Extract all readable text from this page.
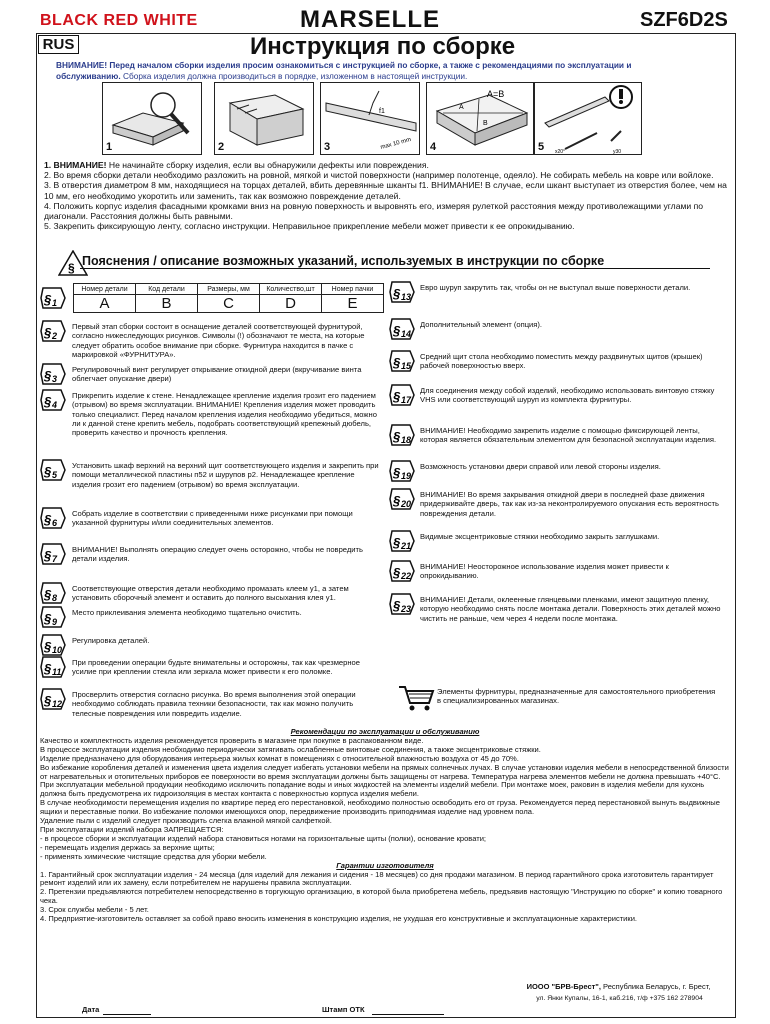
BLACK RED WHITE	MARSELLE	SZF6D2S
RUS	Инструкция по сборке
ВНИМАНИЕ! Перед началом сборки изделия просим ознакомиться с инструкцией по сборке, а также с рекомендациями по эксплуатации и обслуживанию. Сборка изделия должна производиться в порядке, изложенном в настоящей инструкции.
1	2
f1
max 10 mm
3
A=B
A
B
4	x20°	y30
5
1. ВНИМАНИЕ! Не начинайте сборку изделия, если вы обнаружили дефекты или повреждения.
2. Во время сборки детали необходимо разложить на ровной, мягкой и чистой поверхности (например полотенце, одеяло). Не собирать мебель на ковре или войлоке.
3. В отверстия диаметром 8 мм, находящиеся на торцах деталей, вбить деревянные шканты f1. ВНИМАНИЕ! В случае, если шкант выступает из отверстия более, чем на 10 мм, его необходимо укоротить или заменить, так как возможно повреждение деталей.
4. Положить корпус изделия фасадными кромками вниз на ровную поверхность и выровнять его, измеряя рулеткой расстояния между противолежащими углами по диагонали. Расстояния должны быть равными.
5. Закрепить фиксирующую ленту, согласно инструкции. Неправильное прикрепление мебели может привести к ее опрокидыванию.
§ Пояснения / описание возможных указаний, используемых в инструкции по сборке
Номер детали	Код детали	Размеры, мм	Количество,шт	Номер пачки
A	B	C	D	E
§ 1
§ 2
Первый этап сборки состоит в оснащение деталей соответствующей фурнитурой, согласно нижеследующих рисунков. Символы (!) обозначают те места, на которые следует обратить особое внимание при сборке. Фурнитура находится в пачке с маркировкой «ФУРНИТУРА».
§ 3
Регулировочный винт регулирует открывание откидной двери (вкручивание винта облегчает опускание двери)
§ 4
Прикрепить изделие к стене. Ненадлежащее крепление изделия грозит его падением (отрывом) во время эксплуатации. ВНИМАНИЕ! Крепления изделия может проводить только специалист. Перед началом крепления изделия необходимо убедиться, можно ли к данной стене крепить мебель, подобрать соответствующий крепежный дюбель, проверить качество и прочность крепления.
§ 5
Установить шкаф верхний на верхний щит соответствующего изделия и закрепить при помощи металлической пластины п52 и шурупов р2. Ненадлежащее крепление изделия грозит его падением (отрывом) во время эксплуатации.
§ 6
Собрать изделие в соответствии с приведенными ниже рисунками при помощи указанной фурнитуры и/или соединительных элементов.
§ 7
ВНИМАНИЕ! Выполнять операцию следует очень осторожно, чтобы не повредить детали изделия.
§ 8
Соответствующие отверстия детали необходимо промазать клеем у1, а затем установить сборочный элемент и оставить до полного высыхания клея у1.
§ 9
Место приклеивания элемента необходимо тщательно очистить.
§ 10
Регулировка деталей.
§ 11
При проведении операции будьте внимательны и осторожны, так как чрезмерное усилие при креплении стекла или зеркала может привести к его поломке.
§ 12
Просверлить отверстия согласно рисунка. Во время выполнения этой операции необходимо соблюдать правила техники безопасности, так как можно получить телесные повреждения или повредить изделие.
§ 13
Евро шуруп закрутить так, чтобы он не выступал выше поверхности детали.
§ 14
Дополнительный элемент (опция).
§ 15
Средний щит стола необходимо поместить между раздвинутых щитов (крышек) рабочей поверхностью вверх.
§ 17
Для соединения между собой изделий, необходимо использовать винтовую стяжку VHS или соответствующий шуруп из комплекта фурнитуры.
§ 18
ВНИМАНИЕ! Необходимо закрепить изделие с помощью фиксирующей ленты, которая является обязательным элементом для безопасной эксплуатации изделия.
§ 19
Возможность установки двери справой или левой стороны изделия.
§ 20
ВНИМАНИЕ! Во время закрывания откидной двери в последней фазе движения придерживайте дверь, так как из-за неконтролируемого опускания есть вероятность повреждения детали.
§ 21
Видимые эксцентриковые стяжки необходимо закрыть заглушками.
§ 22
ВНИМАНИЕ! Неосторожное использование изделия может привести к опрокидыванию.
§ 23
ВНИМАНИЕ! Детали, оклеенные глянцевыми пленками, имеют защитную пленку, которую необходимо снять после монтажа детали. Поверхность этих деталей можно чистить не раньше, чем через 4 недели после монтажа.
Элементы фурнитуры, предназначенные для самостоятельного приобретения в специализированных магазинах.
Рекомендации по эксплуатации и обслуживанию
Качество и комплектность изделия рекомендуется проверить в магазине при покупке в распакованном виде.
В процессе эксплуатации изделия необходимо периодически затягивать ослабленные винтовые соединения, а также эксцентриковые стяжки.
Изделие предназначено для оборудования интерьера жилых комнат в помещениях с относительной влажностью воздуха от 45 до 70%.
Во избежание коробления деталей и изменения цвета изделия следует избегать установки мебели на прямых солнечных лучах. В случае установки изделия мебели в непосредственной близости от нагревательных и отопительных приборов ее поверхности во время эксплуатации должны быть защищены от нагрева. Температура нагрева элементов мебели не должна превышать +40°С.
При эксплуатации мебельной продукции необходимо исключить попадание воды и иных жидкостей на элементы изделий мебели. При монтаже моек, раковин в изделия мебели для кухонь должна быть предусмотрена их гидроизоляция в местах контакта с поверхностью корпуса изделия мебели.
В случае необходимости перемещения изделия по квартире перед его перестановкой, необходимо полностью освободить его от груза. Рекомендуется перед перестановкой вынуть выдвижные ящики и переставные полки. Во избежание поломки имеющихся опор, передвижение производить приподнимая изделие над уровнем пола.
Удаление пыли с изделий следует производить слегка влажной мягкой салфеткой.
При эксплуатации изделий набора ЗАПРЕЩАЕТСЯ:
- в процессе сборки и эксплуатации изделий набора становиться ногами на горизонтальные щиты (полки), основание кровати;
- перемещать изделия держась за верхние щиты;
- применять химические чистящие средства для уборки мебели.
Гарантии изготовителя
1. Гарантийный срок эксплуатации изделия - 24 месяца (для изделий для лежания и сидения - 18 месяцев) со дня продажи магазином. В период гарантийного срока изготовитель гарантирует ремонт изделий или их замену, если потребителем не нарушены правила эксплуатации.
2. Претензии предъявляются потребителем непосредственно в торгующую организацию, в которой была приобретена мебель, предъявив настоящую "Инструкцию по сборке" и копию товарного чека.
3. Срок службы мебели - 5 лет.
4. Предприятие-изготовитель оставляет за собой право вносить изменения в конструкцию изделия, не ухудшая его конструктивные и эксплуатационные характеристики.
ИООО "БРВ-Брест", Республика Беларусь, г. Брест,
ул. Янки Купалы, 16-1, каб.216, т/ф +375 162 278904
Дата	Штамп ОТК
